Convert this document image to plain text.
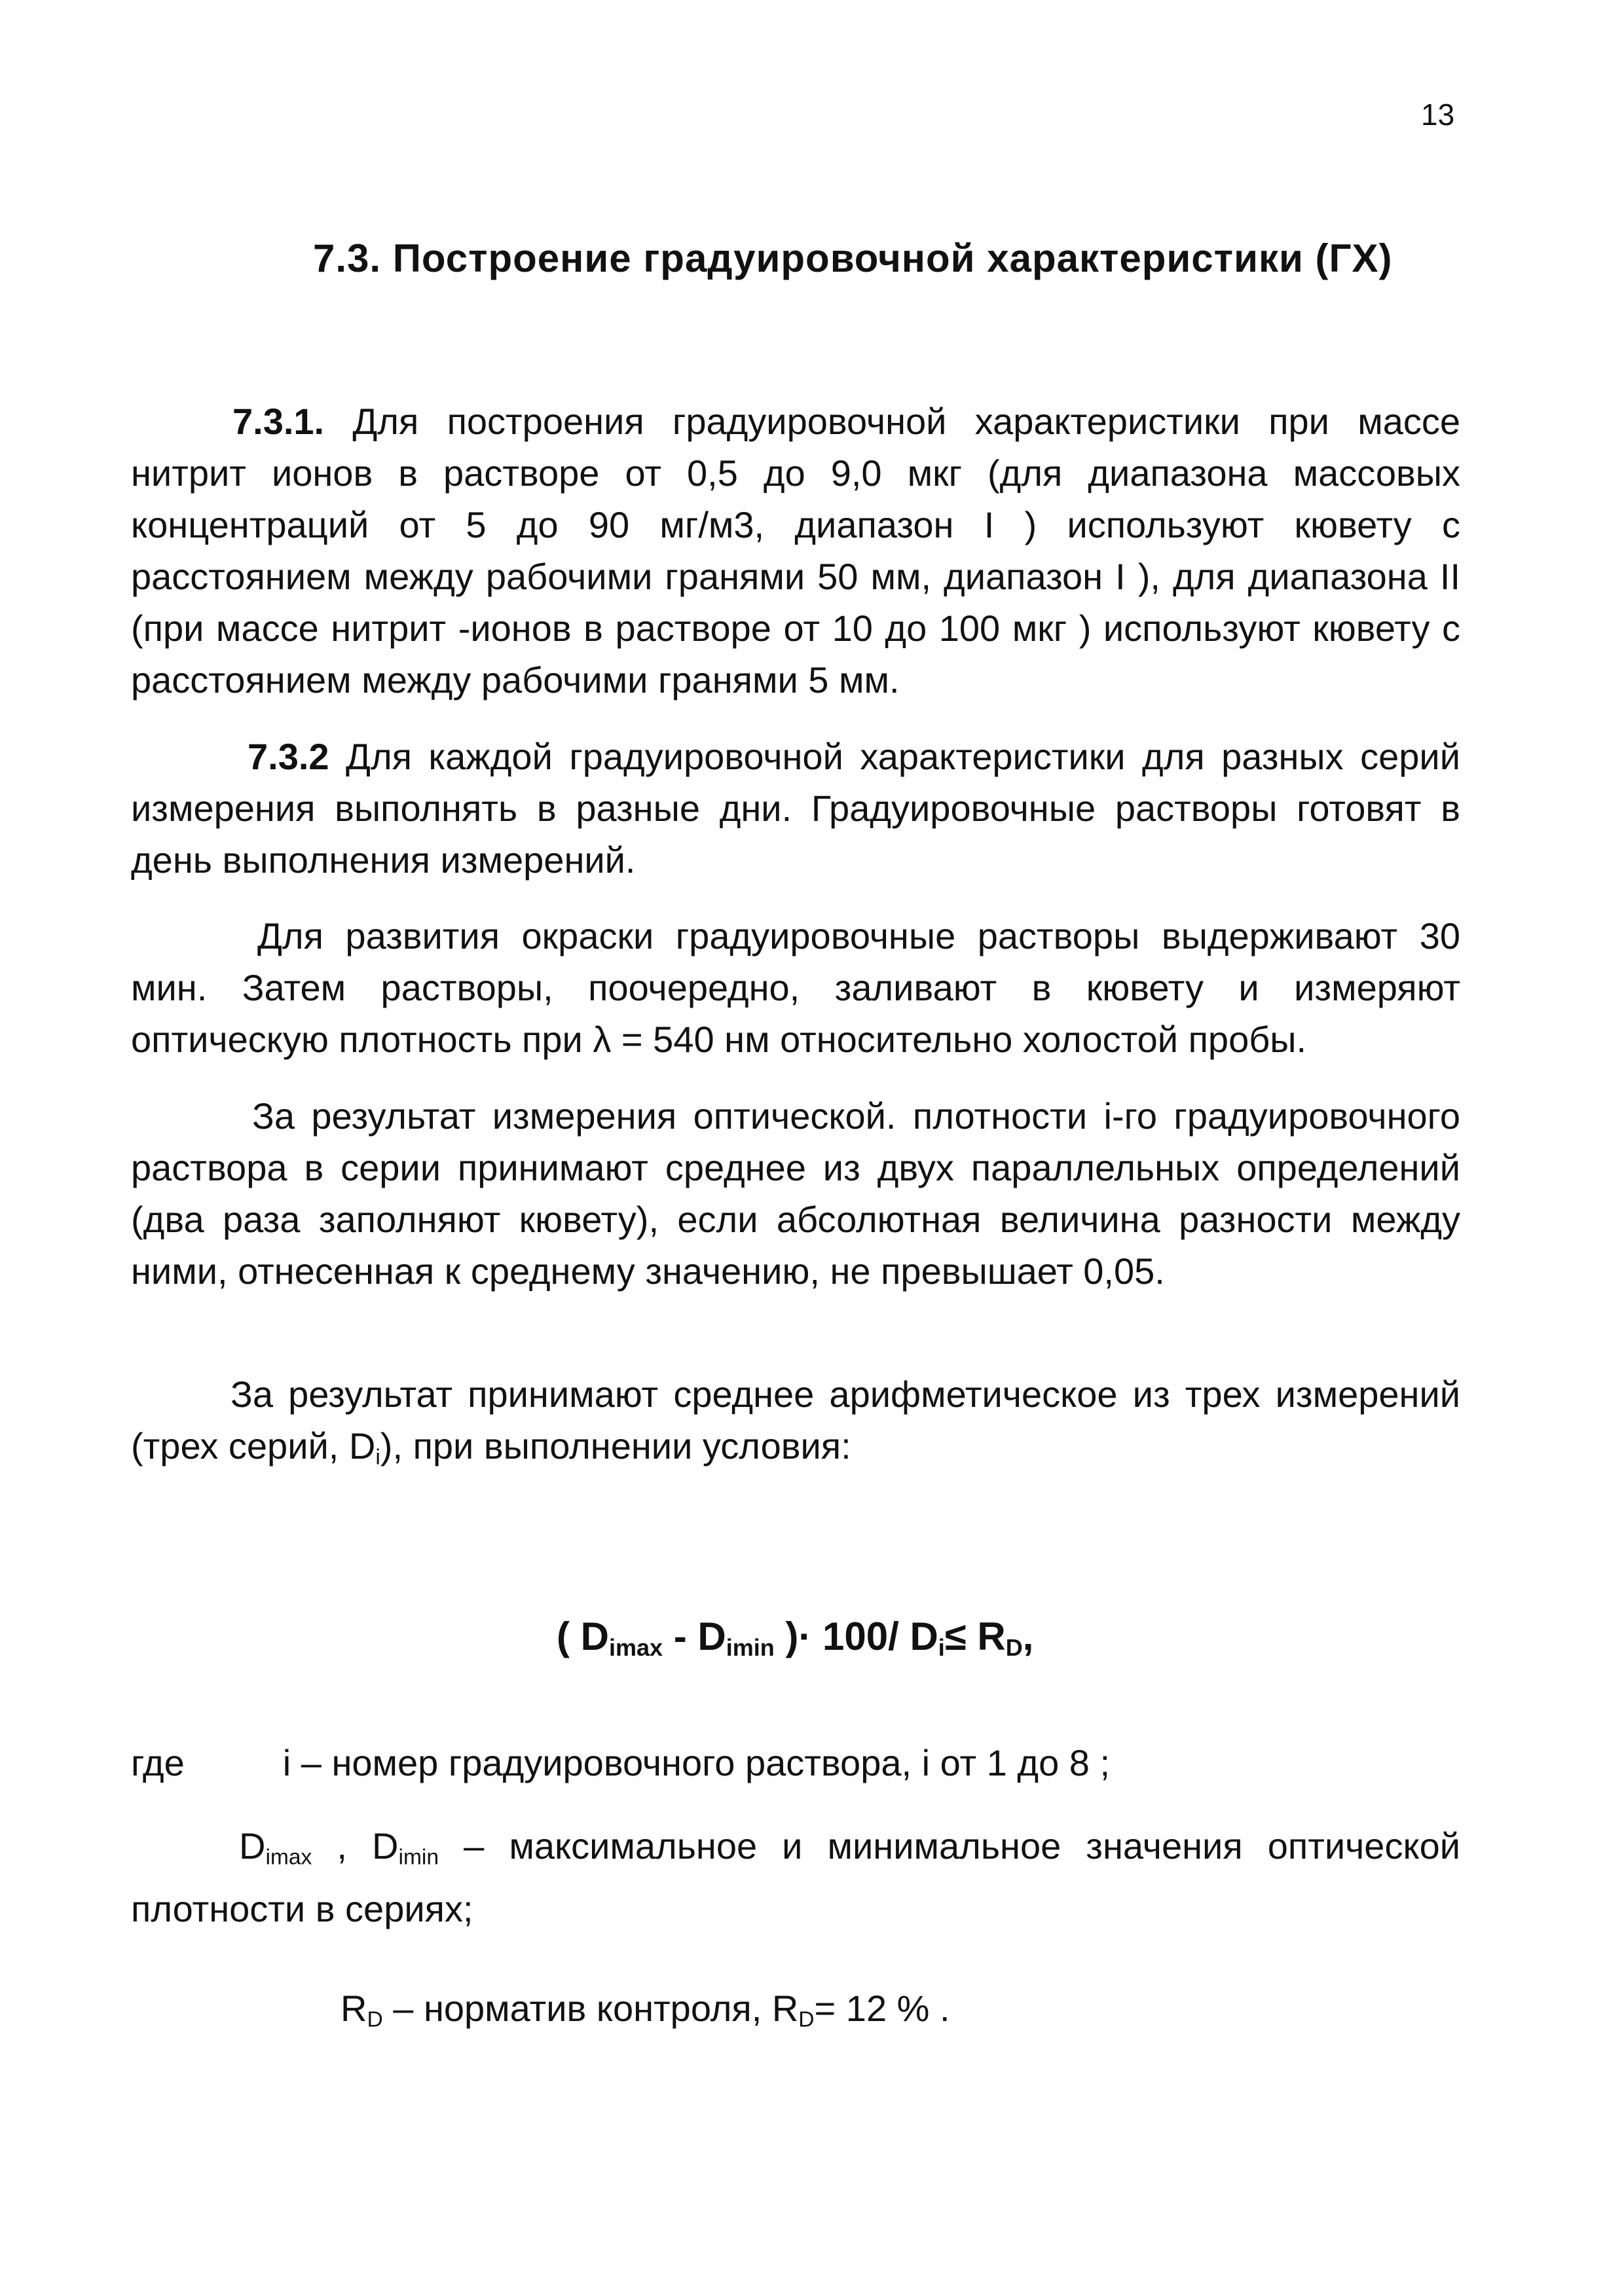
13
7.3. Построение градуировочной характеристики (ГХ)
7.3.1. Для построения градуировочной характеристики при массе нитрит ионов в растворе от 0,5 до 9,0 мкг (для диапазона массовых концентраций от 5 до 90 мг/м3, диапазон I ) используют кювету с расстоянием между рабочими гранями 50 мм, диапазон I ), для диапазона II (при массе нитрит -ионов в растворе от 10 до 100 мкг ) используют кювету с расстоянием между рабочими гранями 5 мм.
7.3.2 Для каждой градуировочной характеристики для разных серий измерения выполнять в разные дни. Градуировочные растворы готовят в день выполнения измерений.
Для развития окраски градуировочные растворы выдерживают 30 мин. Затем растворы, поочередно, заливают в кювету и измеряют оптическую плотность при λ = 540 нм относительно холостой пробы.
За результат измерения оптической. плотности i-го градуировочного раствора в серии принимают среднее из двух параллельных определений (два раза заполняют кювету), если абсолютная величина разности между ними, отнесенная к среднему значению, не превышает 0,05.
За результат принимают среднее арифметическое из трех измерений (трех серий, $D_i$), при выполнении условия:
( $D_{imax} - D_{imin}$ )· 100/ $D_i\le R_D$,
где	i – номер градуировочного раствора, i от 1 до 8 ;
$D_{imax}$ , $D_{imin}$ – максимальное и минимальное значения оптической плотности в сериях;
$R_D$ – норматив контроля, $R_D= 12$ % .
